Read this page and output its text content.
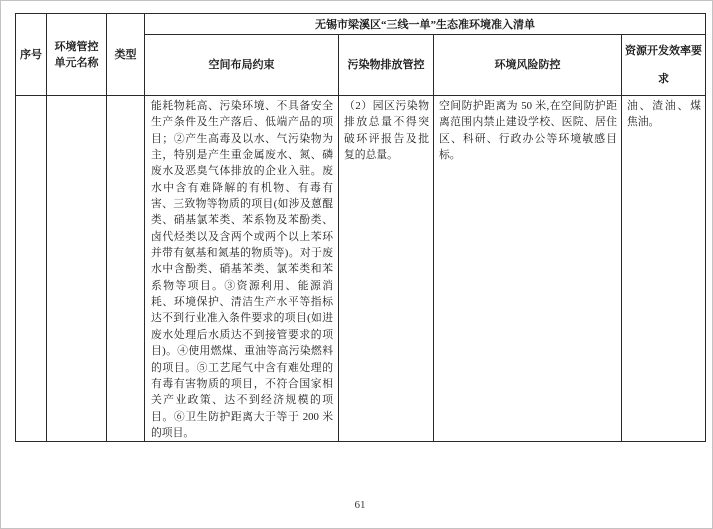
序号	环境管控单元名称	类型	无锡市梁溪区“三线一单”生态准环境准入清单			
			空间布局约束	污染物排放管控	环境风险防控	资源开发效率要求
			能耗物耗高、污染环境、不具备安全生产条件及生产落后、低端产品的项目；②产生高毒及以水、气污染物为主，特别是产生重金属废水、氮、磷废水及恶臭气体排放的企业入驻。废水中含有难降解的有机物、有毒有害、三致物等物质的项目(如涉及蒽醌类、硝基氯苯类、苯系物及苯酚类、卤代烃类以及含两个或两个以上苯环并带有氨基和氮基的物质等)。对于废水中含酚类、硝基苯类、氯苯类和苯系物等项目。③资源利用、能源消耗、环境保护、清洁生产水平等指标达不到行业准入条件要求的项目(如进废水处理后水质达不到接管要求的项目)。④使用燃煤、重油等高污染燃料的项目。⑤工艺尾气中含有难处理的有毒有害物质的项目，不符合国家相关产业政策、达不到经济规模的项目。⑥卫生防护距离大于等于 200 米的项目。	（2）园区污染物排放总量不得突破环评报告及批复的总量。	空间防护距离为 50 米,在空间防护距离范围内禁止建设学校、医院、居住区、科研、行政办公等环境敏感目标。	油、渣油、煤焦油。
61
